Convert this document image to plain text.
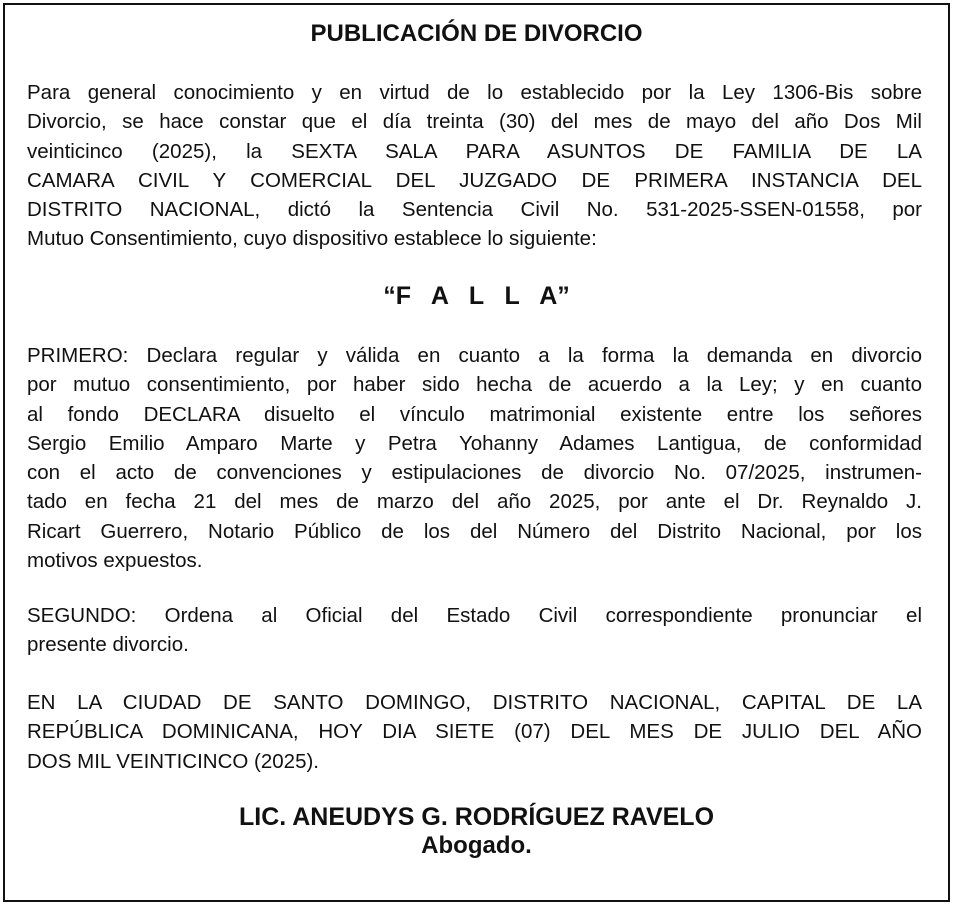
PUBLICACIÓN DE DIVORCIO

Para general conocimiento y en virtud de lo establecido por la Ley 1306-Bis sobre
Divorcio, se hace constar que el día treinta (30) del mes de mayo del año Dos Mil
veinticinco (2025), la SEXTA SALA PARA ASUNTOS DE FAMILIA DE LA
CAMARA CIVIL Y COMERCIAL DEL JUZGADO DE PRIMERA INSTANCIA DEL
DISTRITO NACIONAL, dictó la Sentencia Civil No. 531-2025-SSEN-01558, por
Mutuo Consentimiento, cuyo dispositivo establece lo siguiente:

“F   A   L   L   A”

PRIMERO: Declara regular y válida en cuanto a la forma la demanda en divorcio
por mutuo consentimiento, por haber sido hecha de acuerdo a la Ley; y en cuanto
al fondo DECLARA disuelto el vínculo matrimonial existente entre los señores
Sergio Emilio Amparo Marte y Petra Yohanny Adames Lantigua, de conformidad
con el acto de convenciones y estipulaciones de divorcio No. 07/2025, instrumen-
tado en fecha 21 del mes de marzo del año 2025, por ante el Dr. Reynaldo J.
Ricart Guerrero, Notario Público de los del Número del Distrito Nacional, por los
motivos expuestos.

SEGUNDO: Ordena al Oficial del Estado Civil correspondiente pronunciar el
presente divorcio.

EN LA CIUDAD DE SANTO DOMINGO, DISTRITO NACIONAL, CAPITAL DE LA
REPÚBLICA DOMINICANA, HOY DIA SIETE (07) DEL MES DE JULIO DEL AÑO
DOS MIL VEINTICINCO (2025).

LIC. ANEUDYS G. RODRÍGUEZ RAVELO
Abogado.
